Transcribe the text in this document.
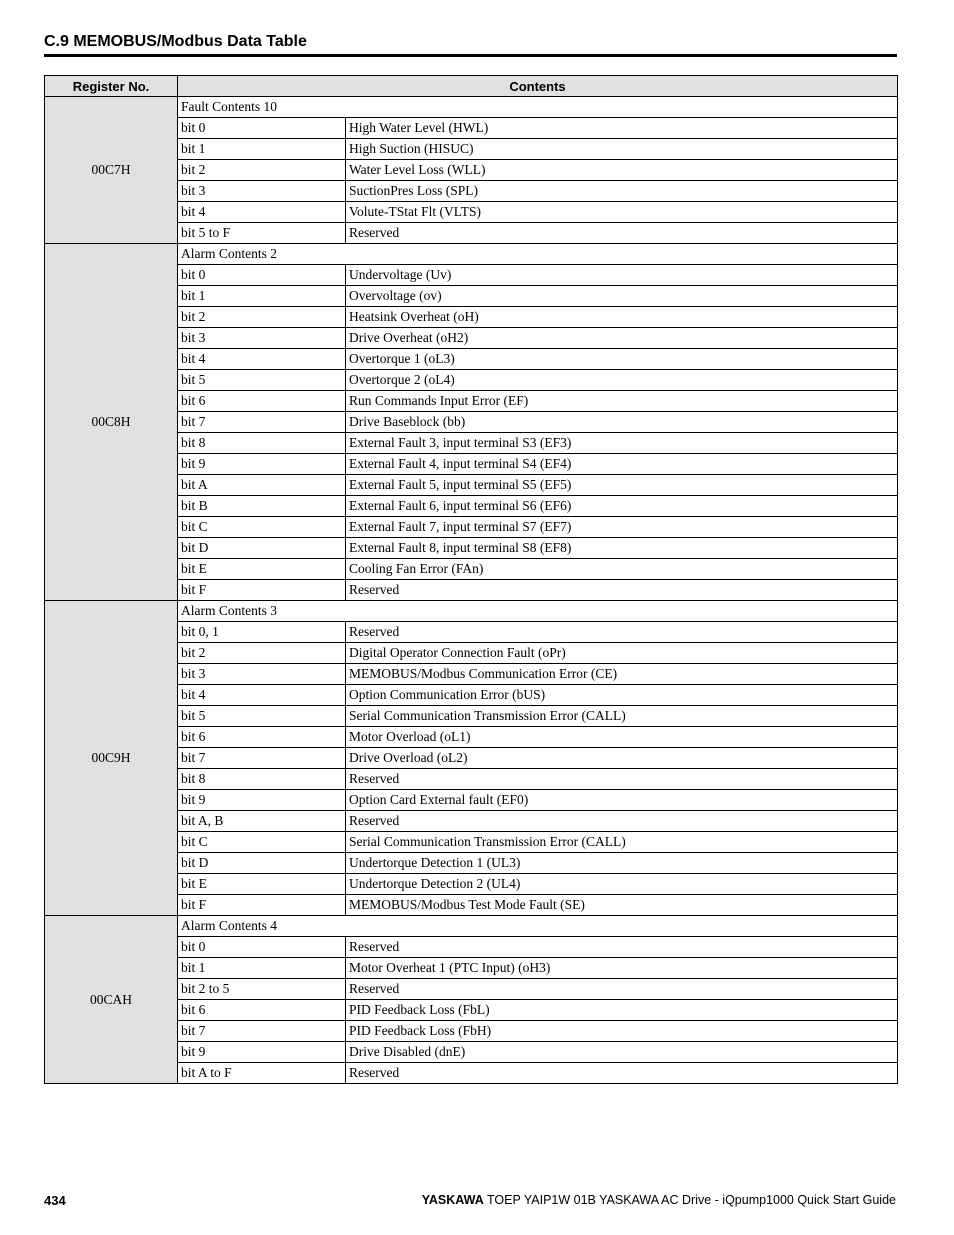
C.9 MEMOBUS/Modbus Data Table
Register No.	Contents	
00C7H	Fault Contents 10	
	bit 0	High Water Level (HWL)
	bit 1	High Suction (HISUC)
	bit 2	Water Level Loss (WLL)
	bit 3	SuctionPres Loss (SPL)
	bit 4	Volute-TStat Flt (VLTS)
	bit 5 to F	Reserved
00C8H	Alarm Contents 2	
	bit 0	Undervoltage (Uv)
	bit 1	Overvoltage (ov)
	bit 2	Heatsink Overheat (oH)
	bit 3	Drive Overheat (oH2)
	bit 4	Overtorque 1 (oL3)
	bit 5	Overtorque 2 (oL4)
	bit 6	Run Commands Input Error (EF)
	bit 7	Drive Baseblock (bb)
	bit 8	External Fault 3, input terminal S3 (EF3)
	bit 9	External Fault 4, input terminal S4 (EF4)
	bit A	External Fault 5, input terminal S5 (EF5)
	bit B	External Fault 6, input terminal S6 (EF6)
	bit C	External Fault 7, input terminal S7 (EF7)
	bit D	External Fault 8, input terminal S8 (EF8)
	bit E	Cooling Fan Error (FAn)
	bit F	Reserved
00C9H	Alarm Contents 3	
	bit 0, 1	Reserved
	bit 2	Digital Operator Connection Fault (oPr)
	bit 3	MEMOBUS/Modbus Communication Error (CE)
	bit 4	Option Communication Error (bUS)
	bit 5	Serial Communication Transmission Error (CALL)
	bit 6	Motor Overload (oL1)
	bit 7	Drive Overload (oL2)
	bit 8	Reserved
	bit 9	Option Card External fault (EF0)
	bit A, B	Reserved
	bit C	Serial Communication Transmission Error (CALL)
	bit D	Undertorque Detection 1 (UL3)
	bit E	Undertorque Detection 2 (UL4)
	bit F	MEMOBUS/Modbus Test Mode Fault (SE)
00CAH	Alarm Contents 4	
	bit 0	Reserved
	bit 1	Motor Overheat 1 (PTC Input) (oH3)
	bit 2 to 5	Reserved
	bit 6	PID Feedback Loss (FbL)
	bit 7	PID Feedback Loss (FbH)
	bit 9	Drive Disabled (dnE)
	bit A to F	Reserved
434	YASKAWA TOEP YAIP1W 01B YASKAWA AC Drive - iQpump1000 Quick Start Guide
